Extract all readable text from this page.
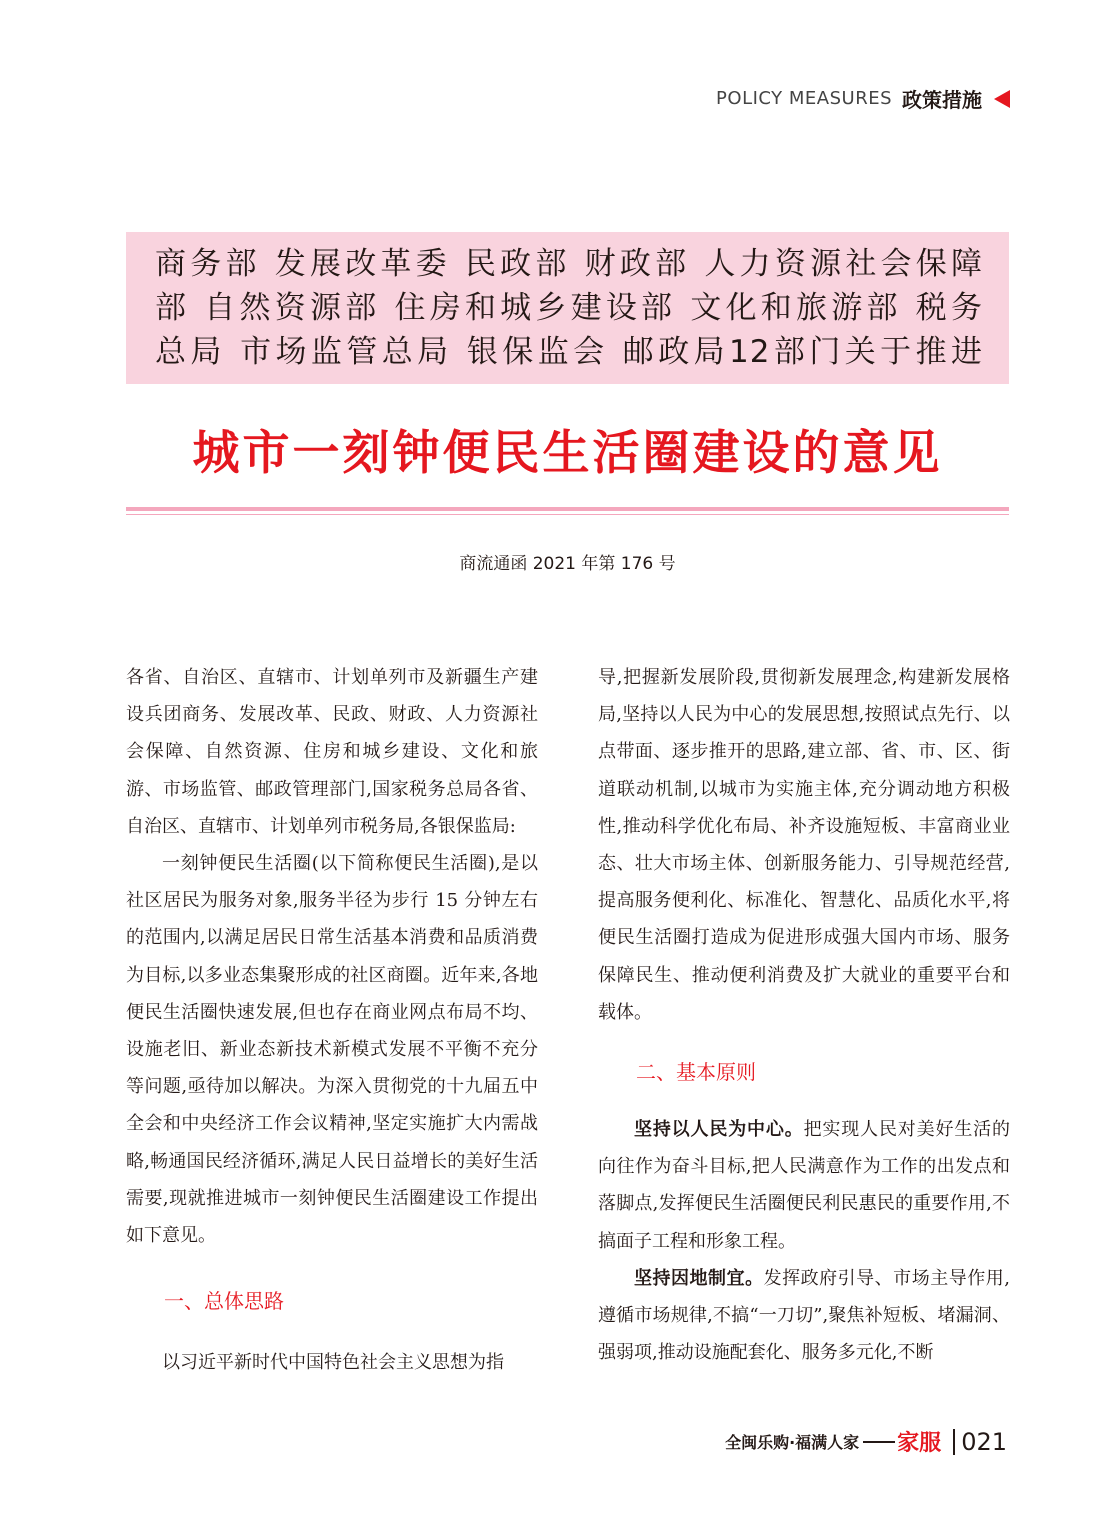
POLICY MEASURES 政策措施
商务部 发展改革委 民政部 财政部 人力资源社会保障
部 自然资源部 住房和城乡建设部 文化和旅游部 税务
总局 市场监管总局 银保监会 邮政局12部门关于推进
城市一刻钟便民生活圈建设的意见
商流通函 2021 年第 176 号

各省、自治区、直辖市、计划单列市及新疆生产建设兵团商务、发展改革、民政、财政、人力资源社会保障、自然资源、住房和城乡建设、文化和旅游、市场监管、邮政管理部门,国家税务总局各省、自治区、直辖市、计划单列市税务局,各银保监局:

一刻钟便民生活圈(以下简称便民生活圈),是以社区居民为服务对象,服务半径为步行 15 分钟左右的范围内,以满足居民日常生活基本消费和品质消费为目标,以多业态集聚形成的社区商圈。近年来,各地便民生活圈快速发展,但也存在商业网点布局不均、设施老旧、新业态新技术新模式发展不平衡不充分等问题,亟待加以解决。为深入贯彻党的十九届五中全会和中央经济工作会议精神,坚定实施扩大内需战略,畅通国民经济循环,满足人民日益增长的美好生活需要,现就推进城市一刻钟便民生活圈建设工作提出如下意见。

一、总体思路

以习近平新时代中国特色社会主义思想为指

导,把握新发展阶段,贯彻新发展理念,构建新发展格局,坚持以人民为中心的发展思想,按照试点先行、以点带面、逐步推开的思路,建立部、省、市、区、街道联动机制,以城市为实施主体,充分调动地方积极性,推动科学优化布局、补齐设施短板、丰富商业业态、壮大市场主体、创新服务能力、引导规范经营,提高服务便利化、标准化、智慧化、品质化水平,将便民生活圈打造成为促进形成强大国内市场、服务保障民生、推动便利消费及扩大就业的重要平台和载体。

二、基本原则

坚持以人民为中心。把实现人民对美好生活的向往作为奋斗目标,把人民满意作为工作的出发点和落脚点,发挥便民生活圈便民利民惠民的重要作用,不搞面子工程和形象工程。

坚持因地制宜。发挥政府引导、市场主导作用,遵循市场规律,不搞“一刀切”,聚焦补短板、堵漏洞、强弱项,推动设施配套化、服务多元化,不断

全闽乐购·福满人家 家服 021
